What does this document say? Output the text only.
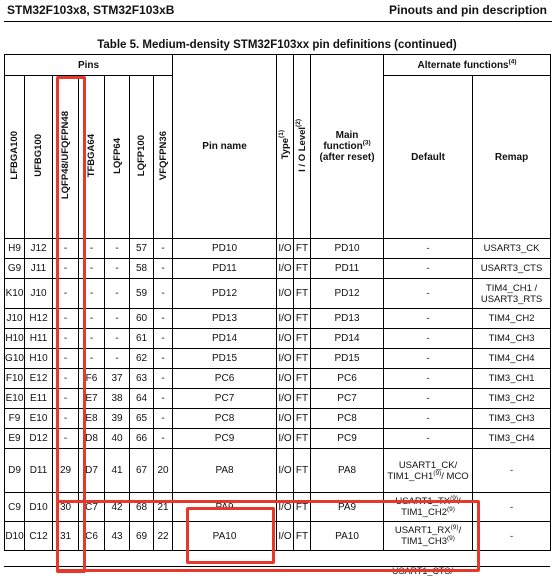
STM32F103x8, STM32F103xB	Pinouts and pin description
Table 5. Medium-density STM32F103xx pin definitions (continued)
Pins							Pin name	Type$^{(1)}$	I / O Level$^{(2)}$	Main function$^{(3)}$
(after reset)	Alternate functions$^{(4)}$
LFBGA100	UFBG100	LQFP48/UFQFPN48	TFBGA64	LQFP64	LQFP100	VFQFPN36					Default	Remap
H9	J12	-	-	-	57	-	PD10	I/O	FT	PD10	-	USART3_CK
G9	J11	-	-	-	58	-	PD11	I/O	FT	PD11	-	USART3_CTS
K10	J10	-	-	-	59	-	PD12	I/O	FT	PD12	-	TIM4_CH1 / USART3_RTS
J10	H12	-	-	-	60	-	PD13	I/O	FT	PD13	-	TIM4_CH2
H10	H11	-	-	-	61	-	PD14	I/O	FT	PD14	-	TIM4_CH3
G10	H10	-	-	-	62	-	PD15	I/O	FT	PD15	-	TIM4_CH4
F10	E12	-	F6	37	63	-	PC6	I/O	FT	PC6	-	TIM3_CH1
E10	E11	-	E7	38	64	-	PC7	I/O	FT	PC7	-	TIM3_CH2
F9	E10	-	E8	39	65	-	PC8	I/O	FT	PC8	-	TIM3_CH3
E9	D12	-	D8	40	66	-	PC9	I/O	FT	PC9	-	TIM3_CH4
D9	D11	29	D7	41	67	20	PA8	I/O	FT	PA8	USART1_CK/ TIM1_CH1$^{(9)}$/ MCO	-
C9	D10	30	C7	42	68	21	PA9	I/O	FT	PA9	USART1_TX$^{(9)}$/ TIM1_CH2$^{(9)}$	-
D10	C12	31	C6	43	69	22	PA10	I/O	FT	PA10	USART1_RX$^{(9)}$/ TIM1_CH3$^{(9)}$	-
USART1_CTS/
